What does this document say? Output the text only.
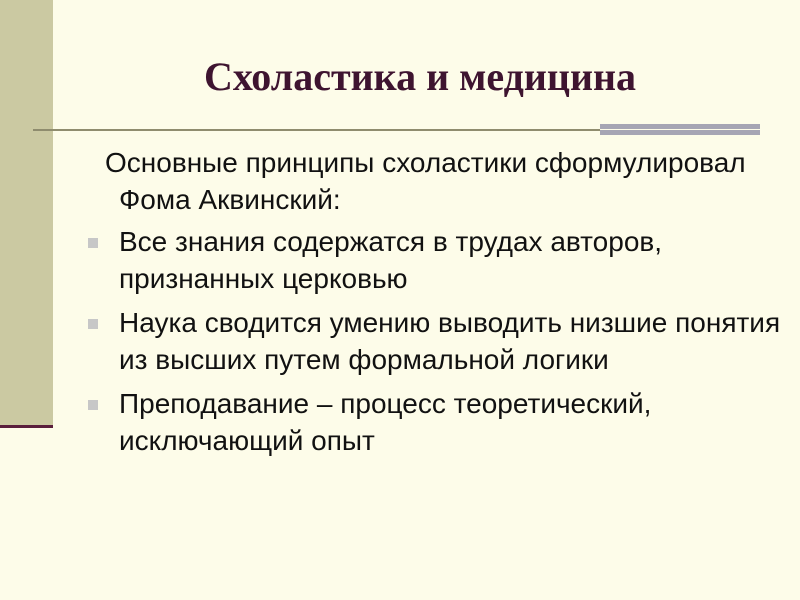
Схоластика и медицина

Основные принципы схоластики сформулировал Фома Аквинский:

Все знания содержатся в трудах авторов, признанных церковью
Наука сводится умению выводить низшие понятия из высших путем формальной логики
Преподавание – процесс теоретический, исключающий опыт
